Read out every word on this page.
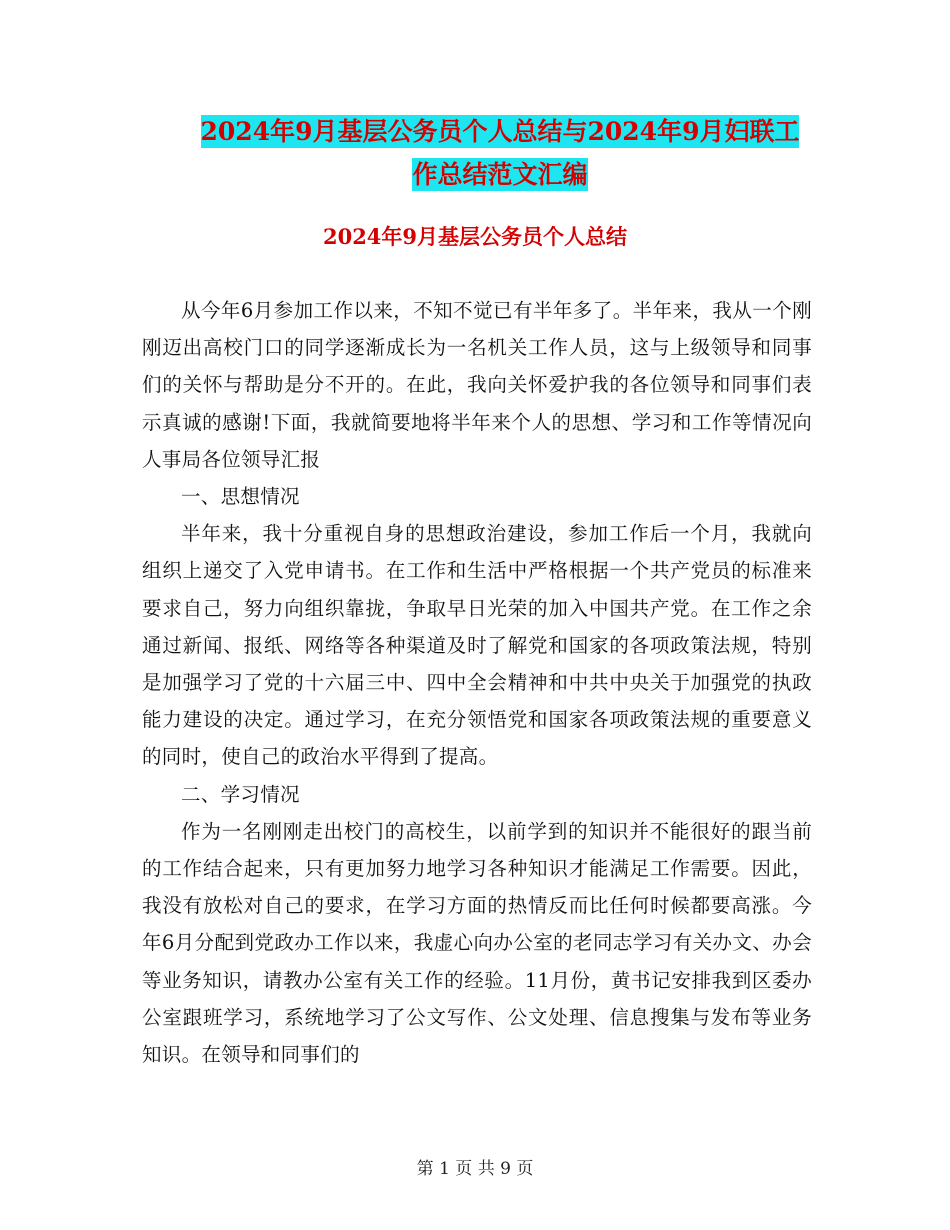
2024年9月基层公务员个人总结与2024年9月妇联工
作总结范文汇编
2024年9月基层公务员个人总结

从今年6月参加工作以来，不知不觉已有半年多了。半年来，我从一个刚刚迈出高校门口的同学逐渐成长为一名机关工作人员，这与上级领导和同事们的关怀与帮助是分不开的。在此，我向关怀爱护我的各位领导和同事们表示真诚的感谢!下面，我就简要地将半年来个人的思想、学习和工作等情况向人事局各位领导汇报

一、思想情况

半年来，我十分重视自身的思想政治建设，参加工作后一个月，我就向组织上递交了入党申请书。在工作和生活中严格根据一个共产党员的标准来要求自己，努力向组织靠拢，争取早日光荣的加入中国共产党。在工作之余通过新闻、报纸、网络等各种渠道及时了解党和国家的各项政策法规，特别是加强学习了党的十六届三中、四中全会精神和中共中央关于加强党的执政能力建设的决定。通过学习，在充分领悟党和国家各项政策法规的重要意义的同时，使自己的政治水平得到了提高。

二、学习情况

作为一名刚刚走出校门的高校生，以前学到的知识并不能很好的跟当前的工作结合起来，只有更加努力地学习各种知识才能满足工作需要。因此，我没有放松对自己的要求，在学习方面的热情反而比任何时候都要高涨。今年6月分配到党政办工作以来，我虚心向办公室的老同志学习有关办文、办会等业务知识，请教办公室有关工作的经验。11月份，黄书记安排我到区委办公室跟班学习，系统地学习了公文写作、公文处理、信息搜集与发布等业务知识。在领导和同事们的

第 1 页 共 9 页
